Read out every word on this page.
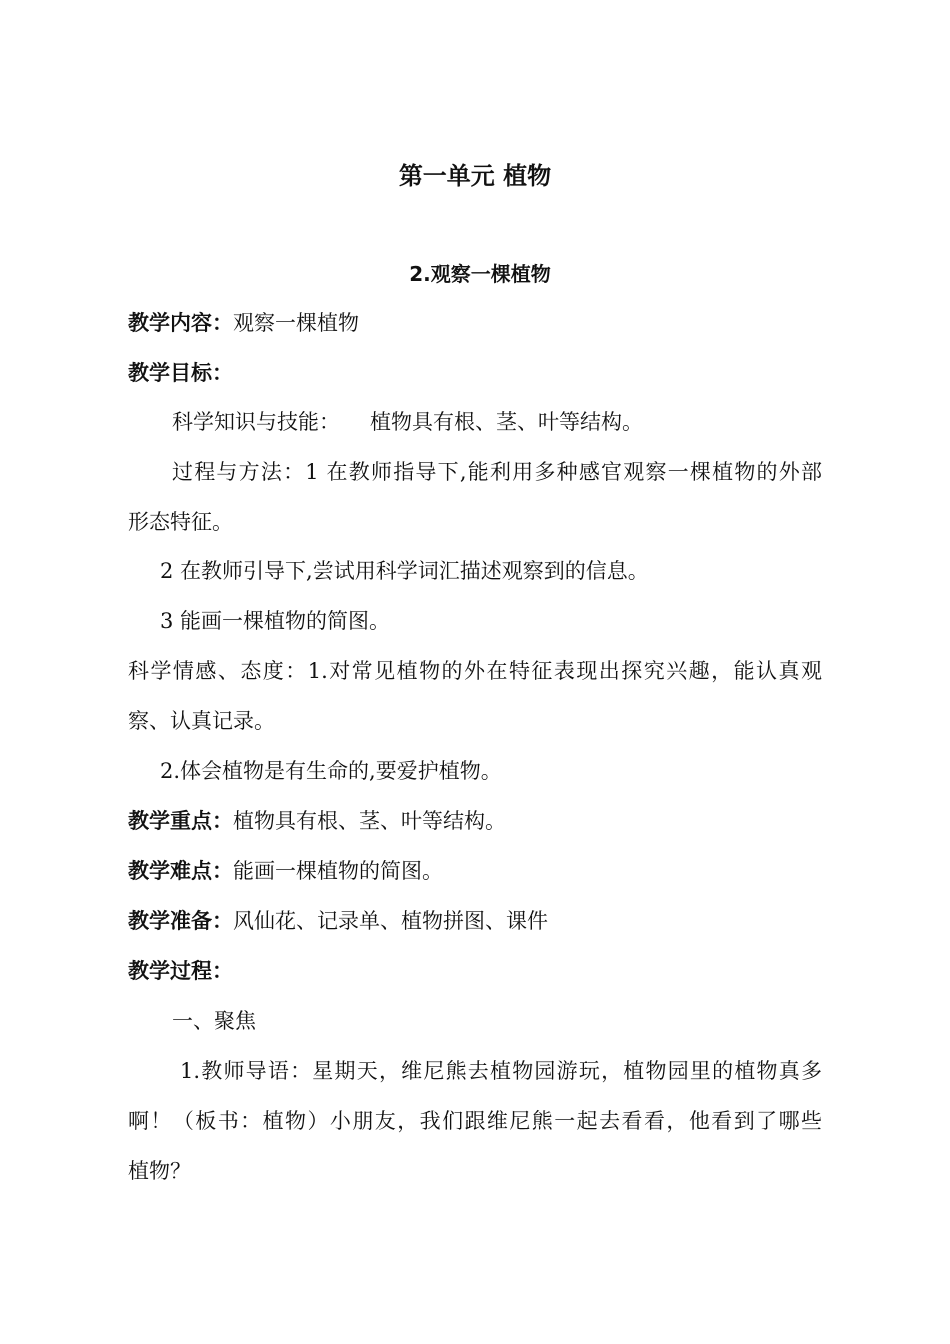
第一单元 植物
2.观察一棵植物
教学内容：观察一棵植物
教学目标：
科学知识与技能： 植物具有根、茎、叶等结构。
过程与方法：1 在教师指导下,能利用多种感官观察一棵植物的外部
形态特征。
2 在教师引导下,尝试用科学词汇描述观察到的信息。
3 能画一棵植物的简图。
科学情感、态度：1.对常见植物的外在特征表现出探究兴趣，能认真观
察、认真记录。
2.体会植物是有生命的,要爱护植物。
教学重点：植物具有根、茎、叶等结构。
教学难点：能画一棵植物的简图。
教学准备：风仙花、记录单、植物拼图、课件
教学过程：
一、聚焦
1.教师导语：星期天，维尼熊去植物园游玩，植物园里的植物真多
啊！（板书：植物）小朋友，我们跟维尼熊一起去看看，他看到了哪些
植物？
